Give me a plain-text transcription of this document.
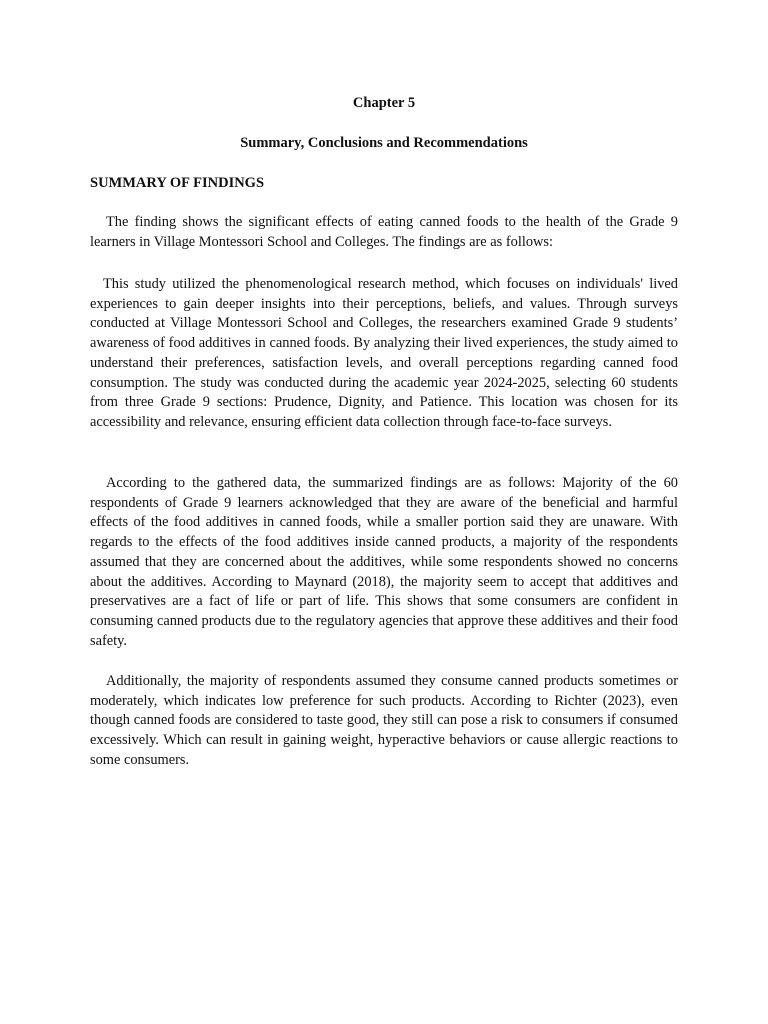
Chapter 5
Summary, Conclusions and Recommendations
SUMMARY OF FINDINGS

The finding shows the significant effects of eating canned foods to the health of the Grade 9 learners in Village Montessori School and Colleges. The findings are as follows:

This study utilized the phenomenological research method, which focuses on individuals' lived experiences to gain deeper insights into their perceptions, beliefs, and values. Through surveys conducted at Village Montessori School and Colleges, the researchers examined Grade 9 students’ awareness of food additives in canned foods. By analyzing their lived experiences, the study aimed to understand their preferences, satisfaction levels, and overall perceptions regarding canned food consumption. The study was conducted during the academic year 2024-2025, selecting 60 students from three Grade 9 sections: Prudence, Dignity, and Patience. This location was chosen for its accessibility and relevance, ensuring efficient data collection through face-to-face surveys.

According to the gathered data, the summarized findings are as follows: Majority of the 60 respondents of Grade 9 learners acknowledged that they are aware of the beneficial and harmful effects of the food additives in canned foods, while a smaller portion said they are unaware. With regards to the effects of the food additives inside canned products, a majority of the respondents assumed that they are concerned about the additives, while some respondents showed no concerns about the additives. According to Maynard (2018), the majority seem to accept that additives and preservatives are a fact of life or part of life. This shows that some consumers are confident in consuming canned products due to the regulatory agencies that approve these additives and their food safety.

Additionally, the majority of respondents assumed they consume canned products sometimes or moderately, which indicates low preference for such products. According to Richter (2023), even though canned foods are considered to taste good, they still can pose a risk to consumers if consumed excessively. Which can result in gaining weight, hyperactive behaviors or cause allergic reactions to some consumers.
